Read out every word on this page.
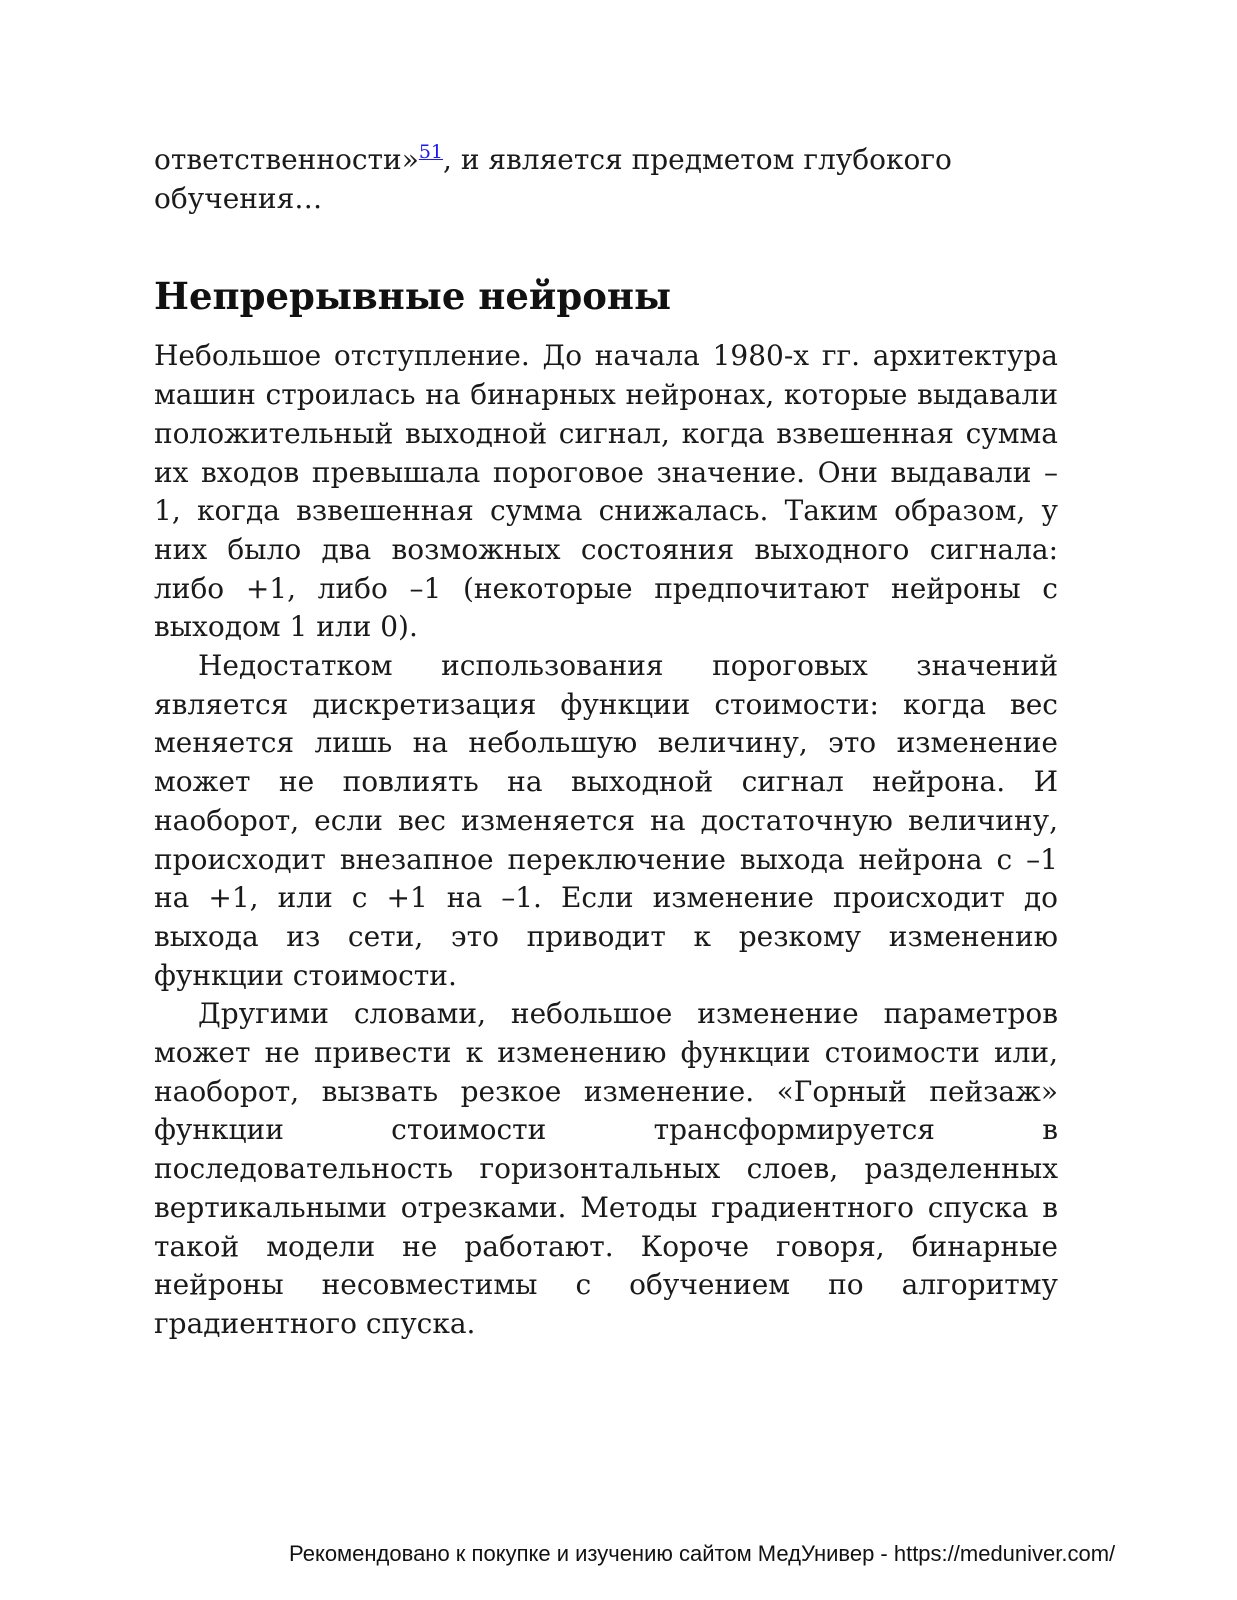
ответственности»$^{51}$, и является предметом глубокого обучения…

Непрерывные нейроны

Небольшое отступление. До начала 1980-х гг. архитектура машин строилась на бинарных нейронах, которые выдавали положительный выходной сигнал, когда взвешенная сумма их входов превышала пороговое значение. Они выдавали –1, когда взвешенная сумма снижалась. Таким образом, у них было два возможных состояния выходного сигнала: либо +1, либо –1 (некоторые предпочитают нейроны с выходом 1 или 0).

Недостатком использования пороговых значений является дискретизация функции стоимости: когда вес меняется лишь на небольшую величину, это изменение может не повлиять на выходной сигнал нейрона. И наоборот, если вес изменяется на достаточную величину, происходит внезапное переключение выхода нейрона с –1 на +1, или с +1 на –1. Если изменение происходит до выхода из сети, это приводит к резкому изменению функции стоимости.

Другими словами, небольшое изменение параметров может не привести к изменению функции стоимости или, наоборот, вызвать резкое изменение. «Горный пейзаж» функции стоимости трансформируется в последовательность горизонтальных слоев, разделенных вертикальными отрезками. Методы градиентного спуска в такой модели не работают. Короче говоря, бинарные нейроны несовместимы с обучением по алгоритму градиентного спуска.

Рекомендовано к покупке и изучению сайтом МедУнивер - https://meduniver.com/
